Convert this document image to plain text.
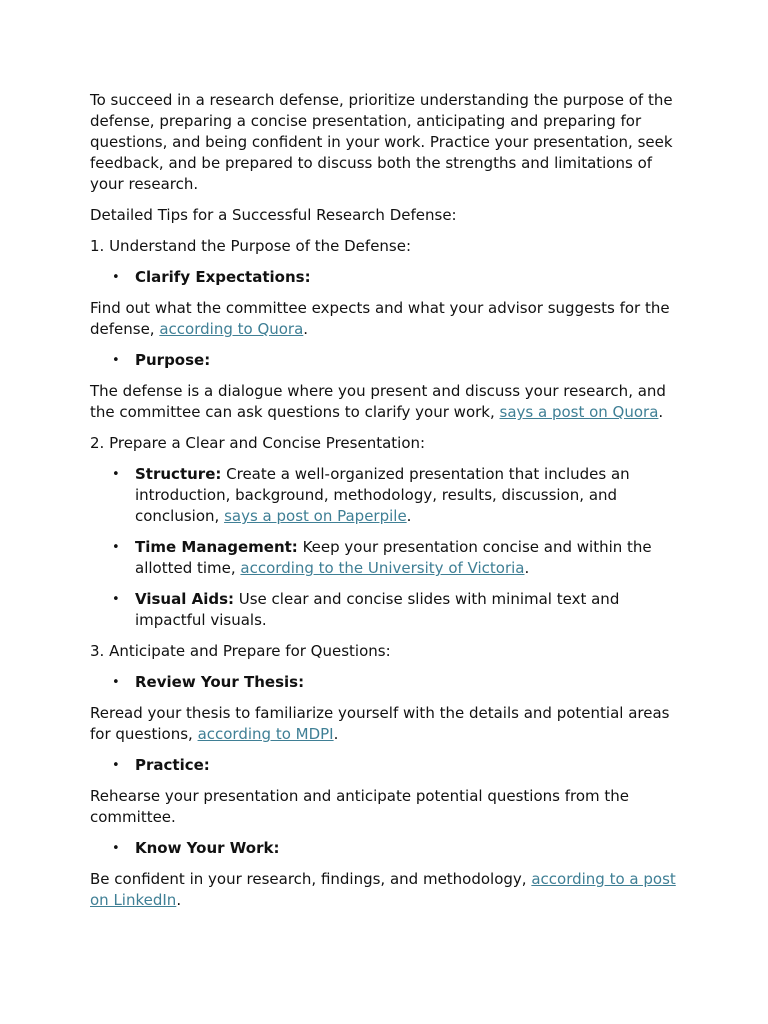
To succeed in a research defense, prioritize understanding the purpose of the defense, preparing a concise presentation, anticipating and preparing for questions, and being confident in your work. Practice your presentation, seek feedback, and be prepared to discuss both the strengths and limitations of your research.

Detailed Tips for a Successful Research Defense:

1. Understand the Purpose of the Defense:

• Clarify Expectations:

Find out what the committee expects and what your advisor suggests for the defense, according to Quora.

• Purpose:

The defense is a dialogue where you present and discuss your research, and the committee can ask questions to clarify your work, says a post on Quora.

2. Prepare a Clear and Concise Presentation:

• Structure: Create a well-organized presentation that includes an introduction, background, methodology, results, discussion, and conclusion, says a post on Paperpile.
• Time Management: Keep your presentation concise and within the allotted time, according to the University of Victoria.
• Visual Aids: Use clear and concise slides with minimal text and impactful visuals.

3. Anticipate and Prepare for Questions:

• Review Your Thesis:

Reread your thesis to familiarize yourself with the details and potential areas for questions, according to MDPI.

• Practice:

Rehearse your presentation and anticipate potential questions from the committee.

• Know Your Work:

Be confident in your research, findings, and methodology, according to a post on LinkedIn.
